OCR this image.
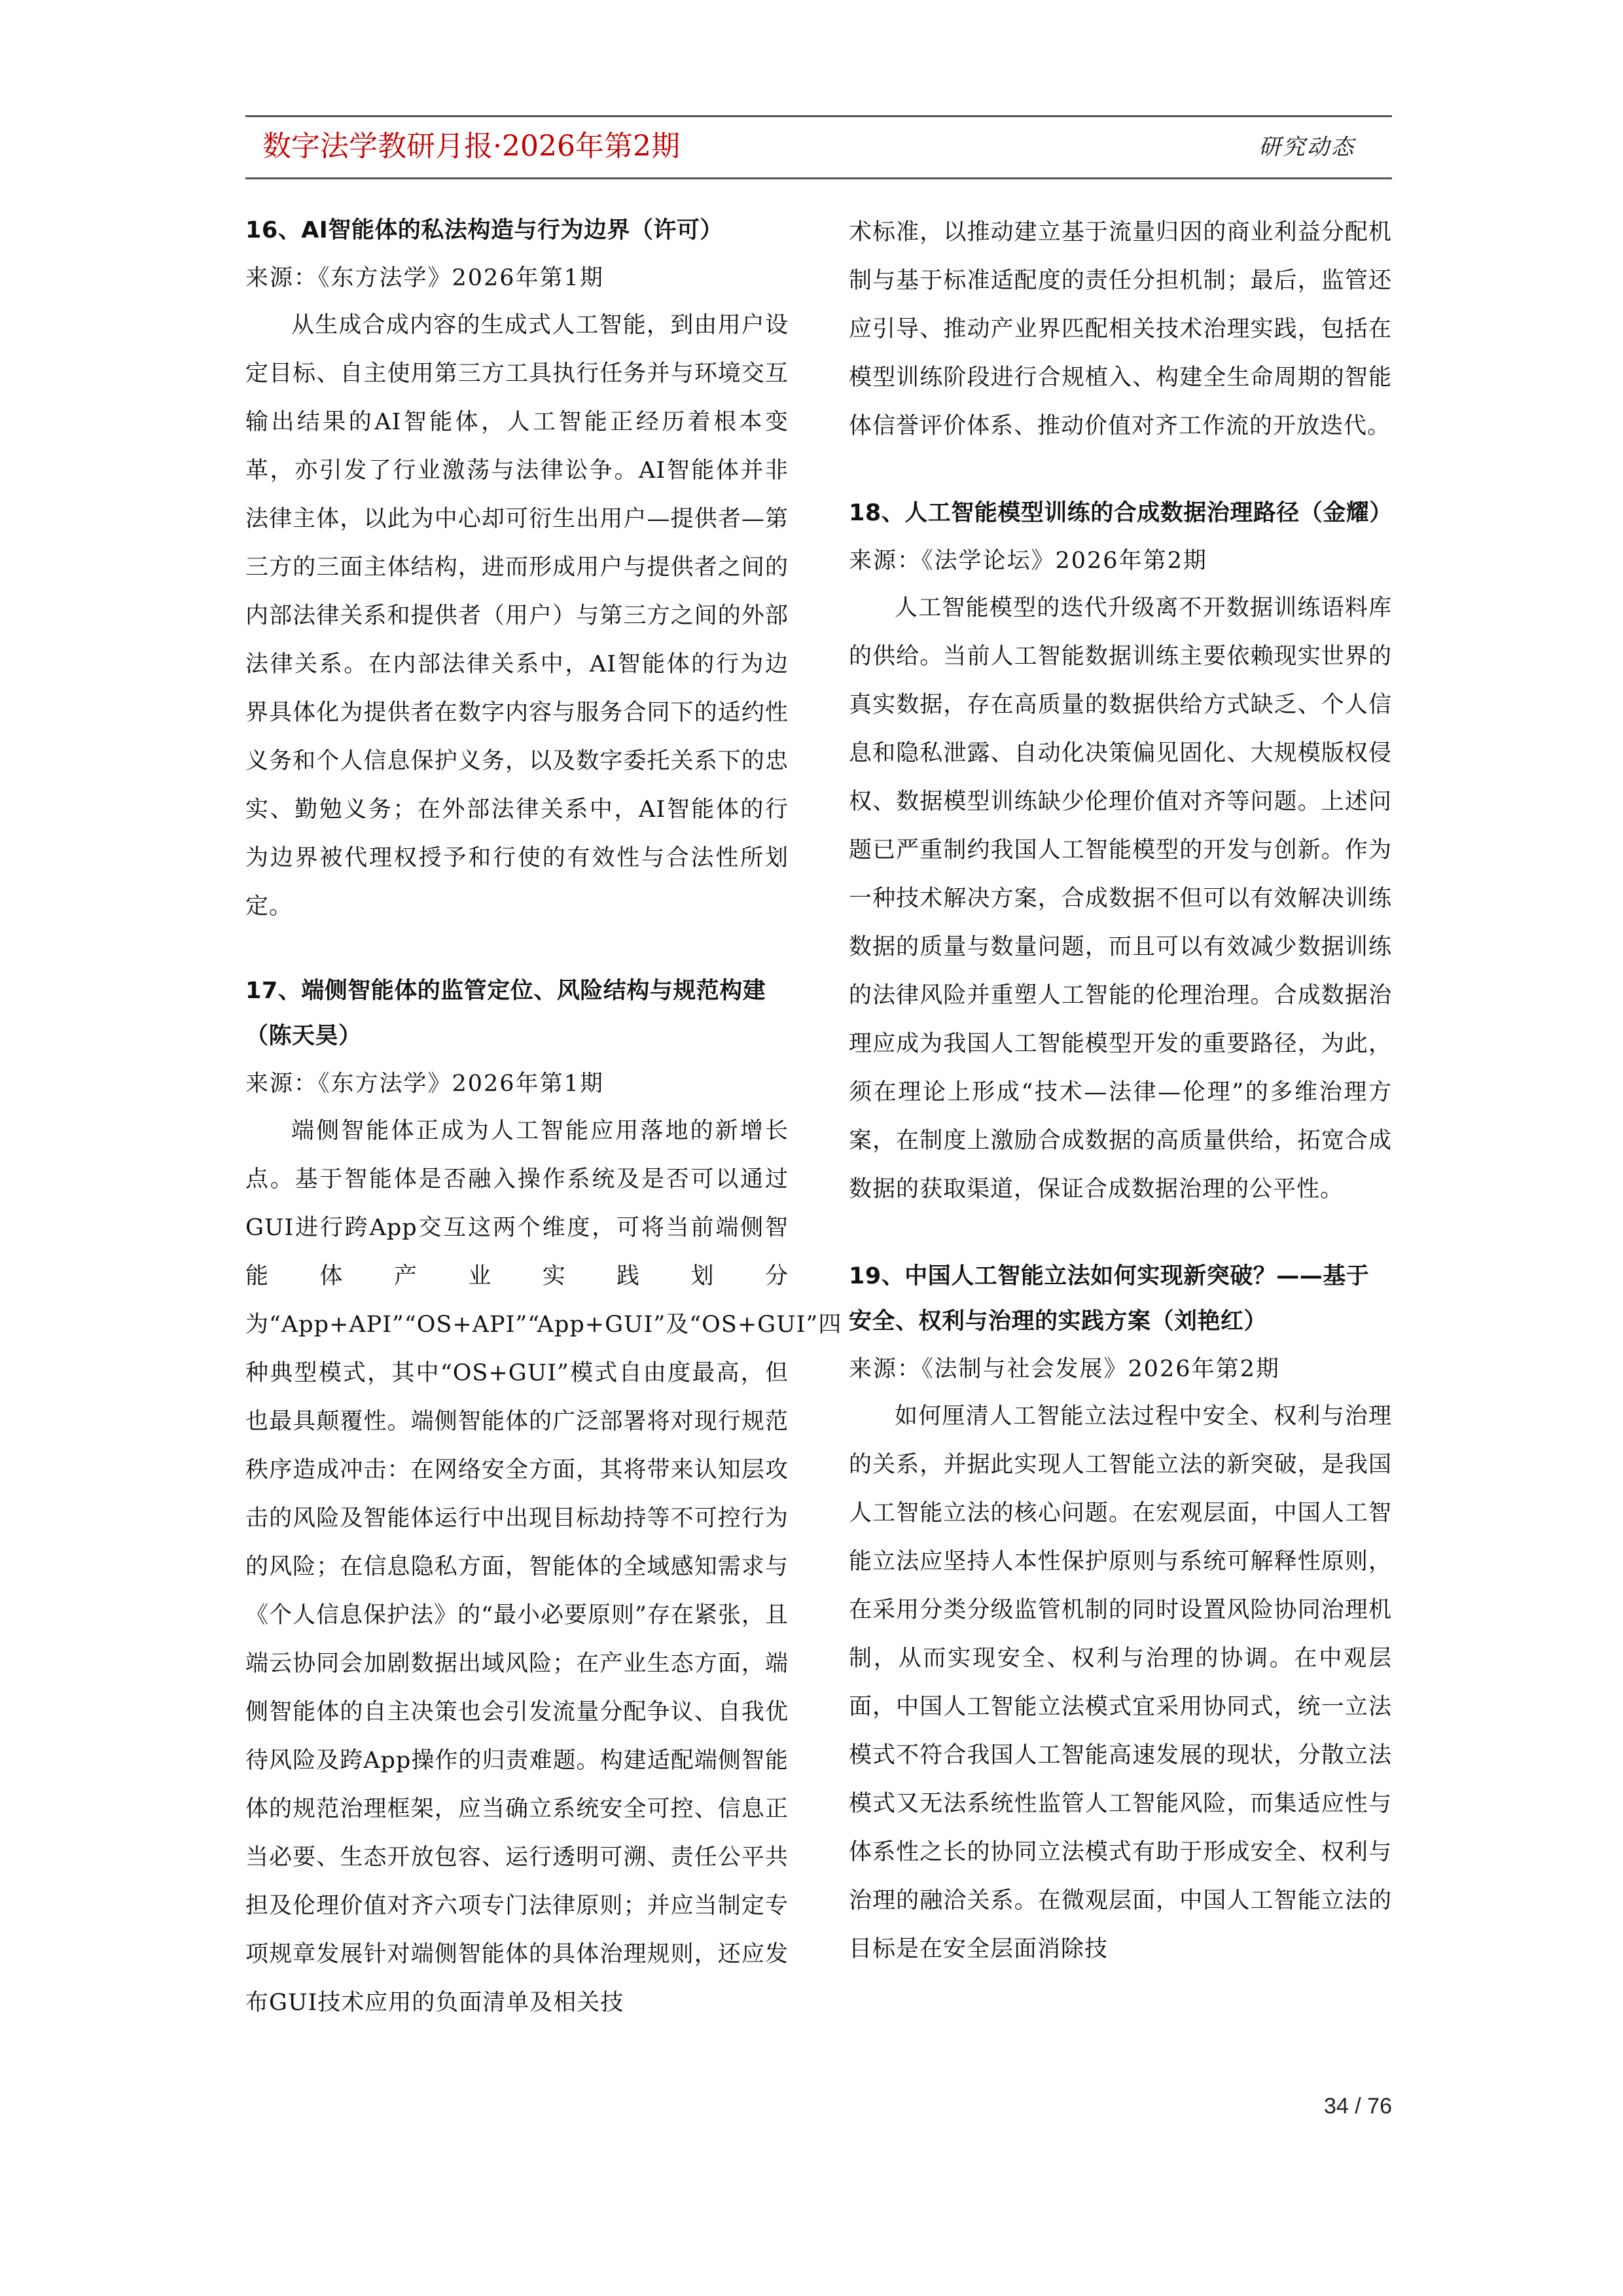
数字法学教研月报·2026年第2期	研究动态
16、AI智能体的私法构造与行为边界（许可）

来源：《东方法学》2026年第1期

从生成合成内容的生成式人工智能，到由用户设定目标、自主使用第三方工具执行任务并与环境交互输出结果的AI智能体，人工智能正经历着根本变革，亦引发了行业激荡与法律讼争。AI智能体并非法律主体，以此为中心却可衍生出用户—提供者—第三方的三面主体结构，进而形成用户与提供者之间的内部法律关系和提供者（用户）与第三方之间的外部法律关系。在内部法律关系中，AI智能体的行为边界具体化为提供者在数字内容与服务合同下的适约性义务和个人信息保护义务，以及数字委托关系下的忠实、勤勉义务；在外部法律关系中，AI智能体的行为边界被代理权授予和行使的有效性与合法性所划定。

17、端侧智能体的监管定位、风险结构与规范构建（陈天昊）

来源：《东方法学》2026年第1期

端侧智能体正成为人工智能应用落地的新增长点。基于智能体是否融入操作系统及是否可以通过GUI进行跨App交互这两个维度，可将当前端侧智能体产业实践划分为“App+API”“OS+API”“App+GUI”及“OS+GUI”四种典型模式，其中“OS+GUI”模式自由度最高，但也最具颠覆性。端侧智能体的广泛部署将对现行规范秩序造成冲击：在网络安全方面，其将带来认知层攻击的风险及智能体运行中出现目标劫持等不可控行为的风险；在信息隐私方面，智能体的全域感知需求与《个人信息保护法》的“最小必要原则”存在紧张，且端云协同会加剧数据出域风险；在产业生态方面，端侧智能体的自主决策也会引发流量分配争议、自我优待风险及跨App操作的归责难题。构建适配端侧智能体的规范治理框架，应当确立系统安全可控、信息正当必要、生态开放包容、运行透明可溯、责任公平共担及伦理价值对齐六项专门法律原则；并应当制定专项规章发展针对端侧智能体的具体治理规则，还应发布GUI技术应用的负面清单及相关技

术标准，以推动建立基于流量归因的商业利益分配机制与基于标准适配度的责任分担机制；最后，监管还应引导、推动产业界匹配相关技术治理实践，包括在模型训练阶段进行合规植入、构建全生命周期的智能体信誉评价体系、推动价值对齐工作流的开放迭代。

18、人工智能模型训练的合成数据治理路径（金耀）

来源：《法学论坛》2026年第2期

人工智能模型的迭代升级离不开数据训练语料库的供给。当前人工智能数据训练主要依赖现实世界的真实数据，存在高质量的数据供给方式缺乏、个人信息和隐私泄露、自动化决策偏见固化、大规模版权侵权、数据模型训练缺少伦理价值对齐等问题。上述问题已严重制约我国人工智能模型的开发与创新。作为一种技术解决方案，合成数据不但可以有效解决训练数据的质量与数量问题，而且可以有效减少数据训练的法律风险并重塑人工智能的伦理治理。合成数据治理应成为我国人工智能模型开发的重要路径，为此，须在理论上形成“技术—法律—伦理”的多维治理方案，在制度上激励合成数据的高质量供给，拓宽合成数据的获取渠道，保证合成数据治理的公平性。

19、中国人工智能立法如何实现新突破？——基于安全、权利与治理的实践方案（刘艳红）

来源：《法制与社会发展》2026年第2期

如何厘清人工智能立法过程中安全、权利与治理的关系，并据此实现人工智能立法的新突破，是我国人工智能立法的核心问题。在宏观层面，中国人工智能立法应坚持人本性保护原则与系统可解释性原则，在采用分类分级监管机制的同时设置风险协同治理机制，从而实现安全、权利与治理的协调。在中观层面，中国人工智能立法模式宜采用协同式，统一立法模式不符合我国人工智能高速发展的现状，分散立法模式又无法系统性监管人工智能风险，而集适应性与体系性之长的协同立法模式有助于形成安全、权利与治理的融洽关系。在微观层面，中国人工智能立法的目标是在安全层面消除技

34 / 76
